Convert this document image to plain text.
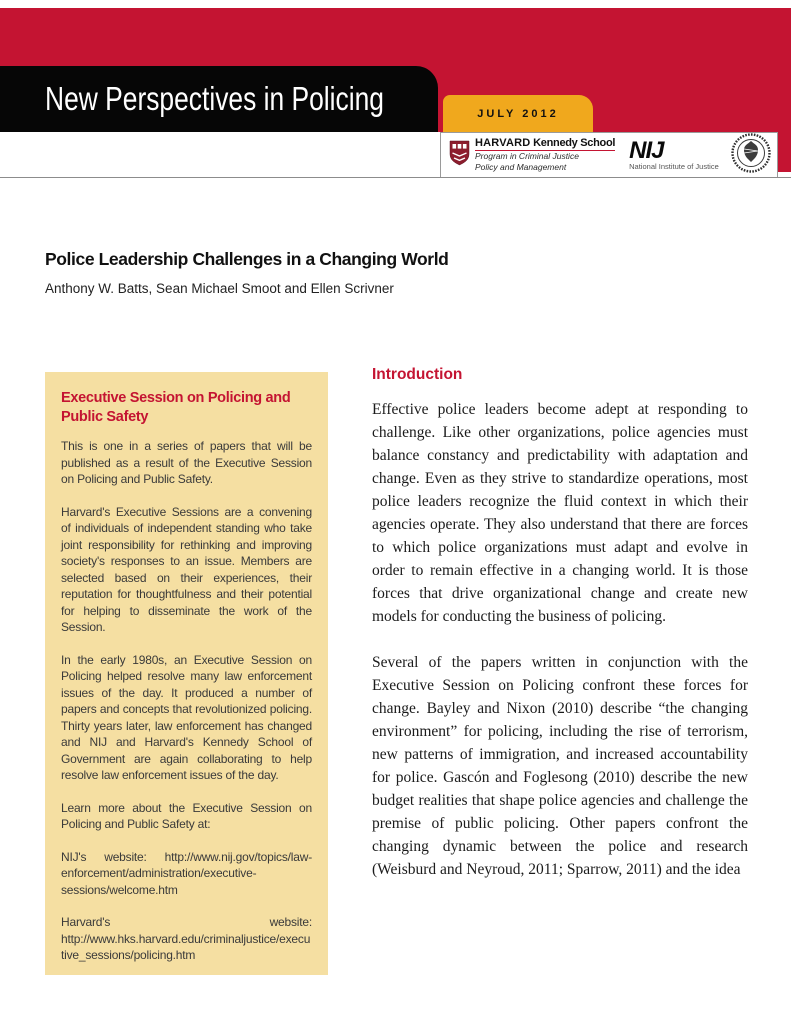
New Perspectives in Policing	JULY 2012
HARVARD Kennedy School
Program in Criminal Justice
Policy and Management
NIJ
National Institute of Justice
Police Leadership Challenges in a Changing World
Anthony W. Batts, Sean Michael Smoot and Ellen Scrivner
Executive Session on Policing and Public Safety

This is one in a series of papers that will be published as a result of the Executive Session on Policing and Public Safety.

Harvard's Executive Sessions are a convening of individuals of independent standing who take joint responsibility for rethinking and improving society's responses to an issue. Members are selected based on their experiences, their reputation for thoughtfulness and their potential for helping to disseminate the work of the Session.

In the early 1980s, an Executive Session on Policing helped resolve many law enforcement issues of the day. It produced a number of papers and concepts that revolutionized policing. Thirty years later, law enforcement has changed and NIJ and Harvard's Kennedy School of Government are again collaborating to help resolve law enforcement issues of the day.

Learn more about the Executive Session on Policing and Public Safety at:

NIJ's website: http://www.nij.gov/topics/law-enforcement/administration/executive-sessions/welcome.htm

Harvard's website: http://www.hks.harvard.edu/criminaljustice/executive_sessions/policing.htm

Introduction

Effective police leaders become adept at responding to challenge. Like other organizations, police agencies must balance constancy and predictability with adaptation and change. Even as they strive to standardize operations, most police leaders recognize the fluid context in which their agencies operate. They also understand that there are forces to which police organizations must adapt and evolve in order to remain effective in a changing world. It is those forces that drive organizational change and create new models for conducting the business of policing.

Several of the papers written in conjunction with the Executive Session on Policing confront these forces for change. Bayley and Nixon (2010) describe “the changing environment” for policing, including the rise of terrorism, new patterns of immigration, and increased accountability for police. Gascón and Foglesong (2010) describe the new budget realities that shape police agencies and challenge the premise of public policing. Other papers confront the changing dynamic between the police and research (Weisburd and Neyroud, 2011; Sparrow, 2011) and the idea
